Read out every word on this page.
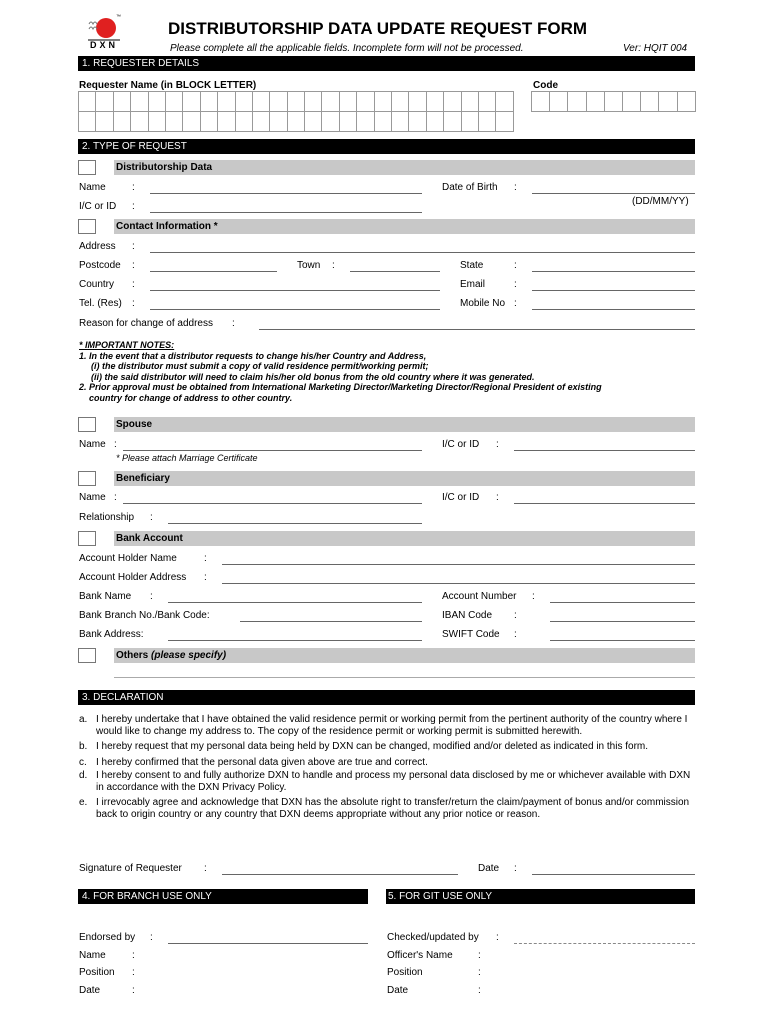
DXN
™
DISTRIBUTORSHIP DATA UPDATE REQUEST FORM
Please complete all the applicable fields. Incomplete form will not be processed.	Ver: HQIT 004
1. REQUESTER DETAILS
Requester Name (in BLOCK LETTER)	Code
2. TYPE OF REQUEST
Distributorship Data
Name	:	Date of Birth :
(DD/MM/YY)
I/C or ID :
Contact Information *
Address :
Postcode :	Town :	State	:
Country :	Email	:
Tel. (Res) :	Mobile No :
Reason for change of address :
* IMPORTANT NOTES:
1. In the event that a distributor requests to change his/her Country and Address,
(i) the distributor must submit a copy of valid residence permit/working permit;
(ii) the said distributor will need to claim his/her old bonus from the old country where it was generated.
2. Prior approval must be obtained from International Marketing Director/Marketing Director/Regional President of existing
country for change of address to other country.
Spouse
Name :	I/C or ID :
* Please attach Marriage Certificate
Beneficiary
Name :	I/C or ID :
Relationship :
Bank Account
Account Holder Name	:
Account Holder Address :
Bank Name :	Account Number :
Bank Branch No./Bank Code:	IBAN Code :
Bank Address:	SWIFT Code :
Others (please specify)
3. DECLARATION
a. I hereby undertake that I have obtained the valid residence permit or working permit from the pertinent authority of the country where I would like to change my address to. The copy of the residence permit or working permit is submitted herewith.
b. I hereby request that my personal data being held by DXN can be changed, modified and/or deleted as indicated in this form.
c. I hereby confirmed that the personal data given above are true and correct.
d. I hereby consent to and fully authorize DXN to handle and process my personal data disclosed by me or whichever available with DXN in accordance with the DXN Privacy Policy.
e. I irrevocably agree and acknowledge that DXN has the absolute right to transfer/return the claim/payment of bonus and/or commission back to origin country or any country that DXN deems appropriate without any prior notice or reason.
Signature of Requester :	Date :
4. FOR BRANCH USE ONLY
Endorsed by :
Name	:
Position :
Date	:
5. FOR GIT USE ONLY
Checked/updated by :
Officer's Name	:
Position	:
Date	:
